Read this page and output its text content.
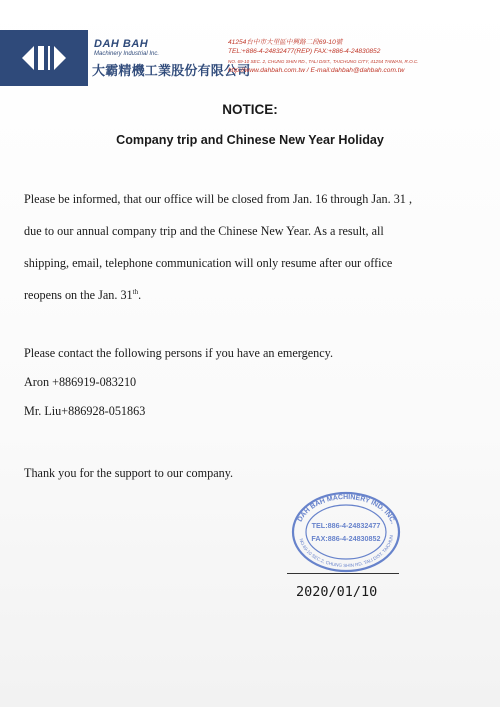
DAH BAH
Machinery Industrial Inc.
大霸精機工業股份有限公司
41254台中市大里區中興路二段69-10號
TEL:+886-4-24832477(REP) FAX:+886-4-24830852
NO. 69-10 SEC. 2, CHUNG SHIN RD., TALI DIST., TAICHUNG CITY, 41254 TAIWAN, R.O.C.
http://www.dahbah.com.tw / E-mail:dahbah@dahbah.com.tw
NOTICE:
Company trip and Chinese New Year Holiday
Please be informed, that our office will be closed from Jan. 16 through Jan. 31 ,
due to our annual company trip and the Chinese New Year. As a result, all
shipping, email, telephone communication will only resume after our office
reopens on the Jan. 31th.
Please contact the following persons if you have an emergency.
Aron +886919-083210
Mr. Liu+886928-051863
Thank you for the support to our company.
DAH BAH MACHINERY IND. INC.
NO.69-10 SEC.2, CHUNG SHIN RD. TALI DIST. TAICHUN
TEL:886-4-24832477
FAX:886-4-24830852
2020/01/10
